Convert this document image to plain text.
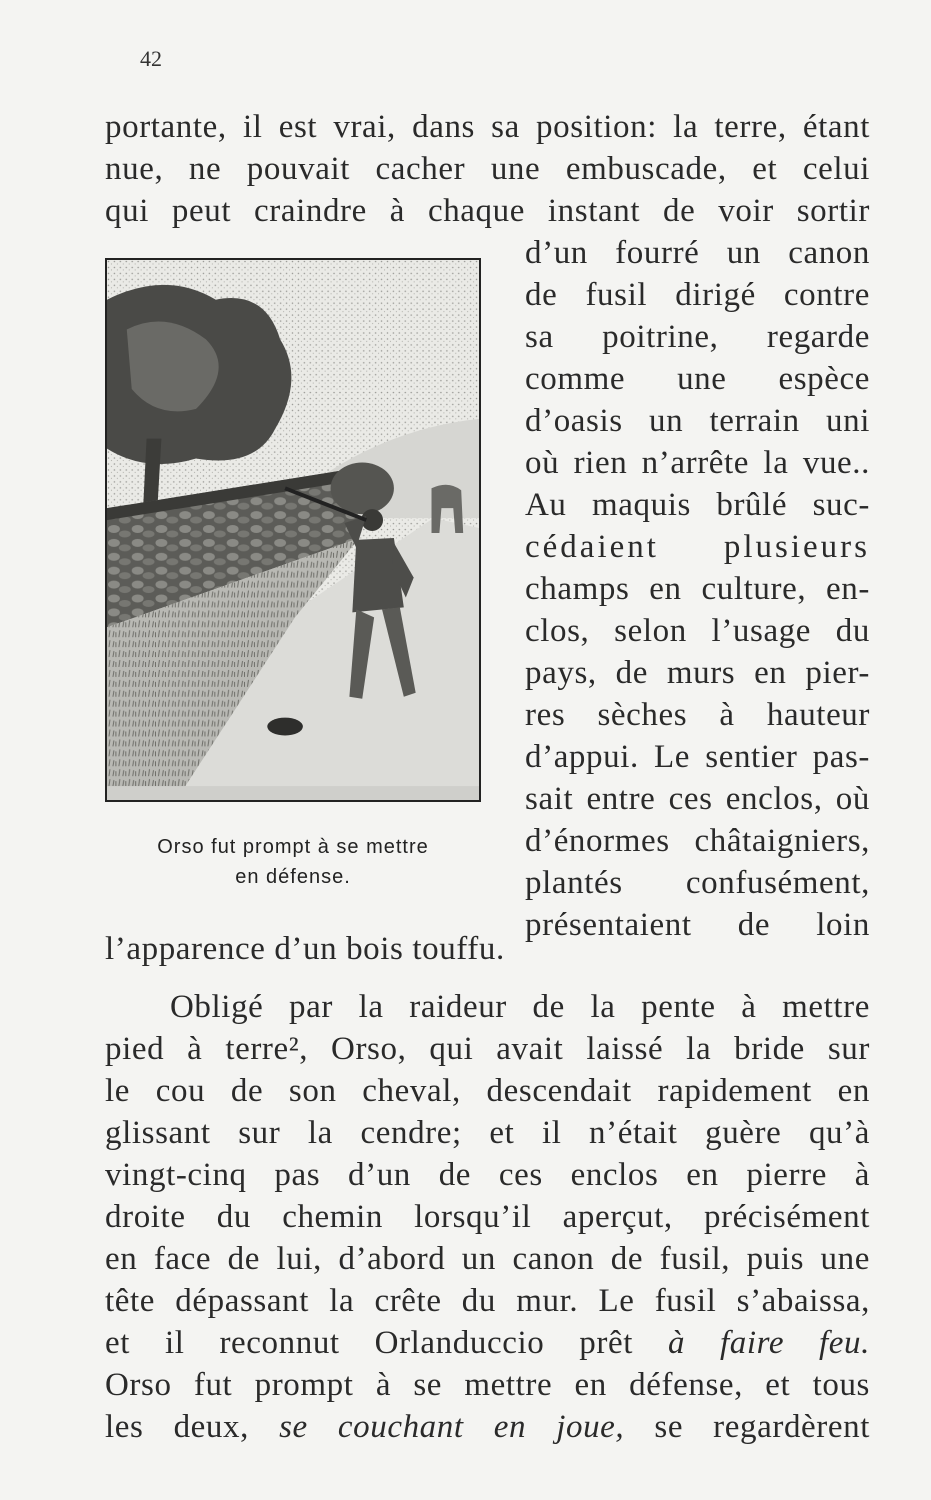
42
portante, il est vrai, dans sa position: la terre, étant
nue, ne pouvait cacher une embuscade, et celui
qui peut craindre à chaque instant de voir sortir
d’un fourré un canon
de fusil dirigé contre
sa poitrine, regarde
comme une espèce
d’oasis un terrain uni
où rien n’arrête la vue..
Au maquis brûlé suc-
cédaient plusieurs
champs en culture, en-
clos, selon l’usage du
pays, de murs en pier-
res sèches à hauteur
d’appui. Le sentier pas-
sait entre ces enclos, où
d’énormes châtaigniers,
plantés confusément,
présentaient de loin
Orso fut prompt à se mettre
en défense.
l’apparence d’un bois touffu.
Obligé par la raideur de la pente à mettre
pied à terre², Orso, qui avait laissé la bride sur
le cou de son cheval, descendait rapidement en
glissant sur la cendre; et il n’était guère qu’à
vingt-cinq pas d’un de ces enclos en pierre à
droite du chemin lorsqu’il aperçut, précisément
en face de lui, d’abord un canon de fusil, puis une
tête dépassant la crête du mur. Le fusil s’abaissa,
et il reconnut Orlanduccio prêt à faire feu.
Orso fut prompt à se mettre en défense, et tous
les deux, se couchant en joue, se regardèrent
